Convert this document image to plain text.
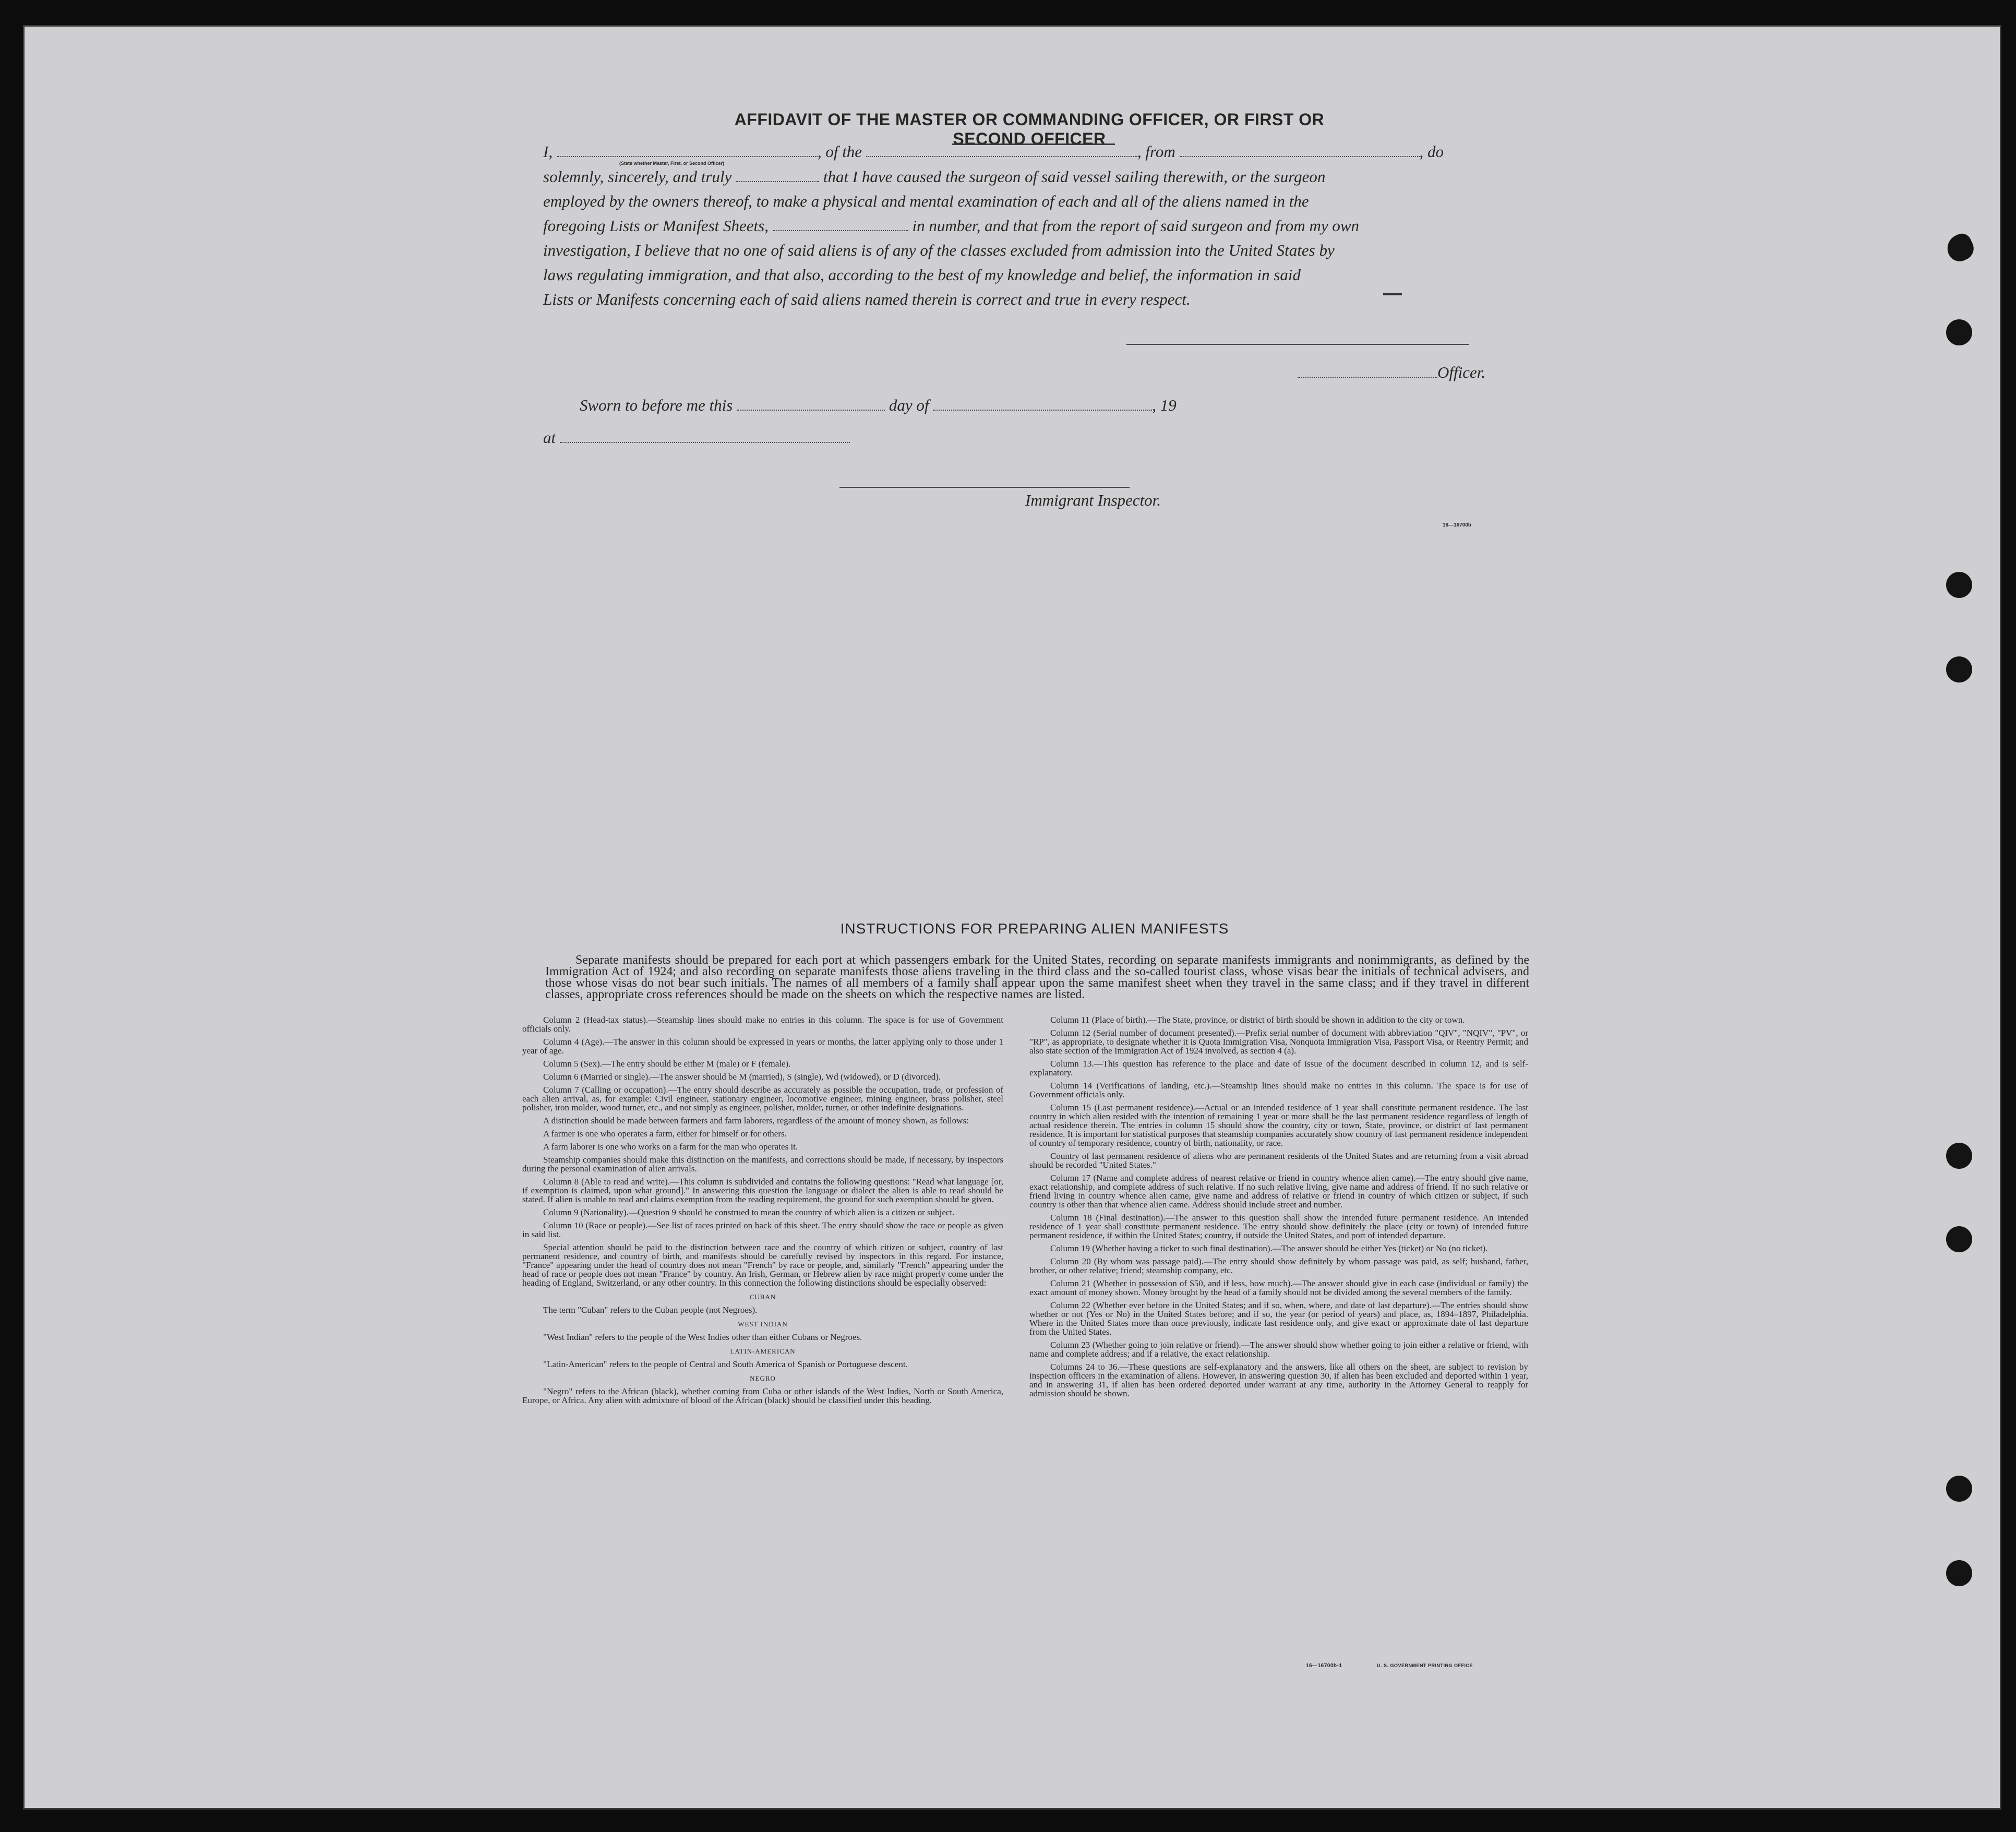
AFFIDAVIT OF THE MASTER OR COMMANDING OFFICER, OR FIRST OR SECOND OFFICER
I,	, of the	, from	, do
(State whether Master, First, or Second Officer)
solemnly, sincerely, and truly	that I have caused the surgeon of said vessel sailing therewith, or the surgeon
employed by the owners thereof, to make a physical and mental examination of each and all of the aliens named in the
foregoing Lists or Manifest Sheets,	in number, and that from the report of said surgeon and from my own
investigation, I believe that no one of said aliens is of any of the classes excluded from admission into the United States by
laws regulating immigration, and that also, according to the best of my knowledge and belief, the information in said
Lists or Manifests concerning each of said aliens named therein is correct and true in every respect.
Officer.
Sworn to before me this	day of	, 19
at
Immigrant Inspector.
16—16700b
INSTRUCTIONS FOR PREPARING ALIEN MANIFESTS
Separate manifests should be prepared for each port at which passengers embark for the United States, recording on separate manifests immigrants and nonimmigrants, as defined by the Immigration Act of 1924; and also recording on separate manifests those aliens traveling in the third class and the so-called tourist class, whose visas bear the initials of technical advisers, and those whose visas do not bear such initials. The names of all members of a family shall appear upon the same manifest sheet when they travel in the same class; and if they travel in different classes, appropriate cross references should be made on the sheets on which the respective names are listed.

Column 2 (Head-tax status).—Steamship lines should make no entries in this column. The space is for use of Government officials only.

Column 4 (Age).—The answer in this column should be expressed in years or months, the latter applying only to those under 1 year of age.

Column 5 (Sex).—The entry should be either M (male) or F (female).

Column 6 (Married or single).—The answer should be M (married), S (single), Wd (widowed), or D (divorced).

Column 7 (Calling or occupation).—The entry should describe as accurately as possible the occupation, trade, or profession of each alien arrival, as, for example: Civil engineer, stationary engineer, locomotive engineer, mining engineer, brass polisher, steel polisher, iron molder, wood turner, etc., and not simply as engineer, polisher, molder, turner, or other indefinite designations.

A distinction should be made between farmers and farm laborers, regardless of the amount of money shown, as follows:

A farmer is one who operates a farm, either for himself or for others.

A farm laborer is one who works on a farm for the man who operates it.

Steamship companies should make this distinction on the manifests, and corrections should be made, if necessary, by inspectors during the personal examination of alien arrivals.

Column 8 (Able to read and write).—This column is subdivided and contains the following questions: "Read what language [or, if exemption is claimed, upon what ground]." In answering this question the language or dialect the alien is able to read should be stated. If alien is unable to read and claims exemption from the reading requirement, the ground for such exemption should be given.

Column 9 (Nationality).—Question 9 should be construed to mean the country of which alien is a citizen or subject.

Column 10 (Race or people).—See list of races printed on back of this sheet. The entry should show the race or people as given in said list.

Special attention should be paid to the distinction between race and the country of which citizen or subject, country of last permanent residence, and country of birth, and manifests should be carefully revised by inspectors in this regard. For instance, "France" appearing under the head of country does not mean "French" by race or people, and, similarly "French" appearing under the head of race or people does not mean "France" by country. An Irish, German, or Hebrew alien by race might properly come under the heading of England, Switzerland, or any other country. In this connection the following distinctions should be especially observed:

CUBAN

The term "Cuban" refers to the Cuban people (not Negroes).

WEST INDIAN

"West Indian" refers to the people of the West Indies other than either Cubans or Negroes.

LATIN-AMERICAN

"Latin-American" refers to the people of Central and South America of Spanish or Portuguese descent.

NEGRO

"Negro" refers to the African (black), whether coming from Cuba or other islands of the West Indies, North or South America, Europe, or Africa. Any alien with admixture of blood of the African (black) should be classified under this heading.

Column 11 (Place of birth).—The State, province, or district of birth should be shown in addition to the city or town.

Column 12 (Serial number of document presented).—Prefix serial number of document with abbreviation "QIV", "NQIV", "PV", or "RP", as appropriate, to designate whether it is Quota Immigration Visa, Nonquota Immigration Visa, Passport Visa, or Reentry Permit; and also state section of the Immigration Act of 1924 involved, as section 4 (a).

Column 13.—This question has reference to the place and date of issue of the document described in column 12, and is self-explanatory.

Column 14 (Verifications of landing, etc.).—Steamship lines should make no entries in this column. The space is for use of Government officials only.

Column 15 (Last permanent residence).—Actual or an intended residence of 1 year shall constitute permanent residence. The last country in which alien resided with the intention of remaining 1 year or more shall be the last permanent residence regardless of length of actual residence therein. The entries in column 15 should show the country, city or town, State, province, or district of last permanent residence. It is important for statistical purposes that steamship companies accurately show country of last permanent residence independent of country of temporary residence, country of birth, nationality, or race.

Country of last permanent residence of aliens who are permanent residents of the United States and are returning from a visit abroad should be recorded "United States."

Column 17 (Name and complete address of nearest relative or friend in country whence alien came).—The entry should give name, exact relationship, and complete address of such relative. If no such relative living, give name and address of friend. If no such relative or friend living in country whence alien came, give name and address of relative or friend in country of which citizen or subject, if such country is other than that whence alien came. Address should include street and number.

Column 18 (Final destination).—The answer to this question shall show the intended future permanent residence. An intended residence of 1 year shall constitute permanent residence. The entry should show definitely the place (city or town) of intended future permanent residence, if within the United States; country, if outside the United States, and port of intended departure.

Column 19 (Whether having a ticket to such final destination).—The answer should be either Yes (ticket) or No (no ticket).

Column 20 (By whom was passage paid).—The entry should show definitely by whom passage was paid, as self; husband, father, brother, or other relative; friend; steamship company, etc.

Column 21 (Whether in possession of $50, and if less, how much).—The answer should give in each case (individual or family) the exact amount of money shown. Money brought by the head of a family should not be divided among the several members of the family.

Column 22 (Whether ever before in the United States; and if so, when, where, and date of last departure).—The entries should show whether or not (Yes or No) in the United States before; and if so, the year (or period of years) and place, as, 1894–1897, Philadelphia. Where in the United States more than once previously, indicate last residence only, and give exact or approximate date of last departure from the United States.

Column 23 (Whether going to join relative or friend).—The answer should show whether going to join either a relative or friend, with name and complete address; and if a relative, the exact relationship.

Columns 24 to 36.—These questions are self-explanatory and the answers, like all others on the sheet, are subject to revision by inspection officers in the examination of aliens. However, in answering question 30, if alien has been excluded and deported within 1 year, and in answering 31, if alien has been ordered deported under warrant at any time, authority in the Attorney General to reapply for admission should be shown.

16—16700b-1	U. S. GOVERNMENT PRINTING OFFICE
